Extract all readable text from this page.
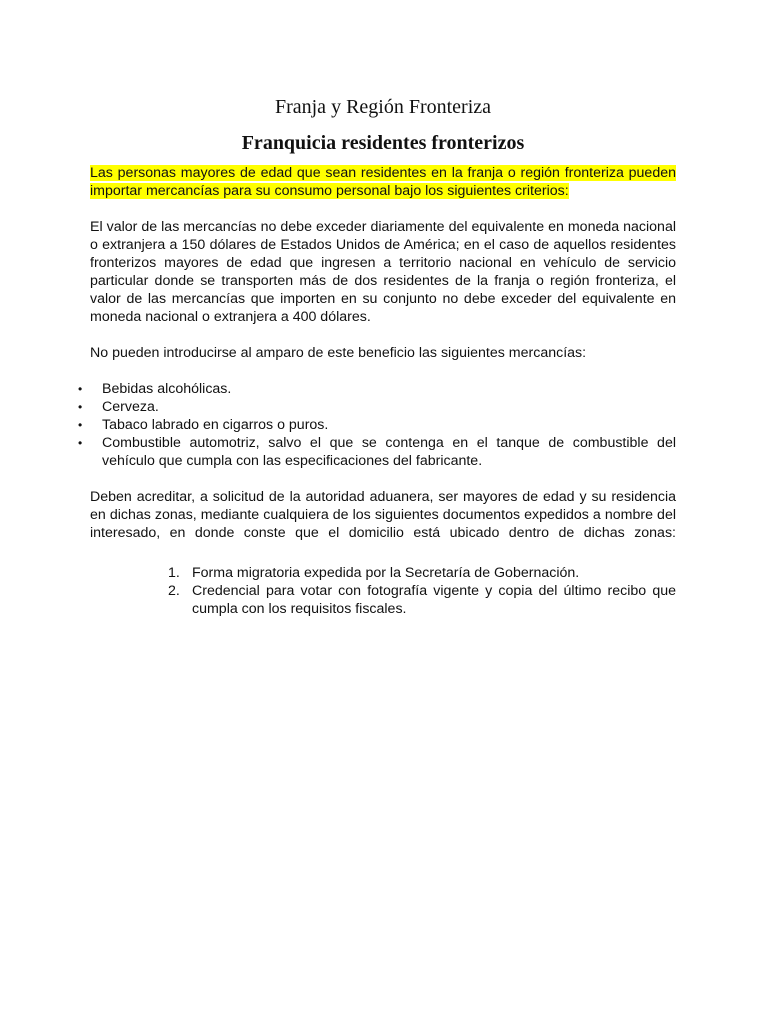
Franja y Región Fronteriza
Franquicia residentes fronterizos

Las personas mayores de edad que sean residentes en la franja o región fronteriza pueden importar mercancías para su consumo personal bajo los siguientes criterios:

El valor de las mercancías no debe exceder diariamente del equivalente en moneda nacional o extranjera a 150 dólares de Estados Unidos de América; en el caso de aquellos residentes fronterizos mayores de edad que ingresen a territorio nacional en vehículo de servicio particular donde se transporten más de dos residentes de la franja o región fronteriza, el valor de las mercancías que importen en su conjunto no debe exceder del equivalente en moneda nacional o extranjera a 400 dólares.

No pueden introducirse al amparo de este beneficio las siguientes mercancías:

•	Bebidas alcohólicas.
•	Cerveza.
•	Tabaco labrado en cigarros o puros.
•	Combustible automotriz, salvo el que se contenga en el tanque de combustible del vehículo que cumpla con las especificaciones del fabricante.

Deben acreditar, a solicitud de la autoridad aduanera, ser mayores de edad y su residencia en dichas zonas, mediante cualquiera de los siguientes documentos expedidos a nombre del interesado, en donde conste que el domicilio está ubicado dentro de dichas zonas:

1. Forma migratoria expedida por la Secretaría de Gobernación.
2. Credencial para votar con fotografía vigente y copia del último recibo que cumpla con los requisitos fiscales.
